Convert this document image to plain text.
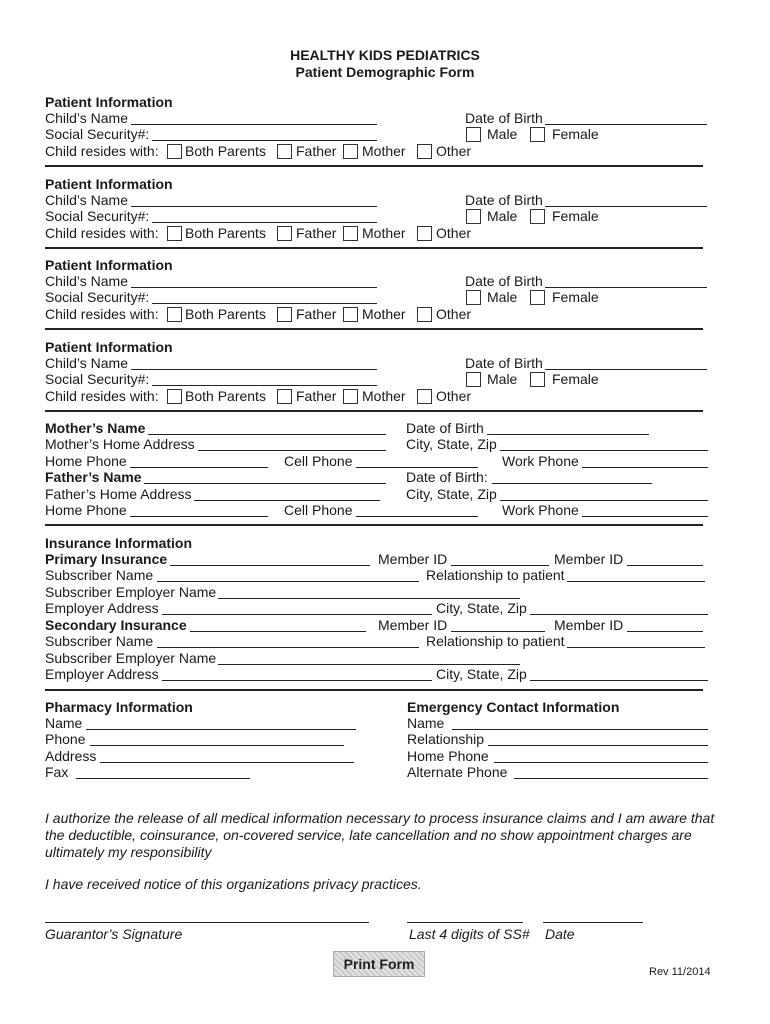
HEALTHY KIDS PEDIATRICS
Patient Demographic Form
Patient Information
Child’s Name	Date of Birth
Social Security#:	Male Female
Child resides with: Both Parents Father Mother Other
Patient Information
Child’s Name	Date of Birth
Social Security#:	Male Female
Child resides with: Both Parents Father Mother Other
Patient Information
Child’s Name	Date of Birth
Social Security#:	Male Female
Child resides with: Both Parents Father Mother Other
Patient Information
Child’s Name	Date of Birth
Social Security#:	Male Female
Child resides with: Both Parents Father Mother Other
Mother’s Name	Date of Birth
Mother’s Home Address	City, State, Zip
Home Phone	Cell Phone	Work Phone
Father’s Name	Date of Birth:
Father’s Home Address	City, State, Zip
Home Phone	Cell Phone	Work Phone
Insurance Information
Primary Insurance	Member ID	Member ID
Subscriber Name	Relationship to patient
Subscriber Employer Name
Employer Address	City, State, Zip
Secondary Insurance	Member ID	Member ID
Subscriber Name	Relationship to patient
Subscriber Employer Name
Employer Address	City, State, Zip
Pharmacy Information
Name
Phone
Address
Fax
Emergency Contact Information
Name
Relationship
Home Phone
Alternate Phone
I authorize the release of all medical information necessary to process insurance claims and I am aware that the deductible, coinsurance, on-covered service, late cancellation and no show appointment charges are ultimately my responsibility
I have received notice of this organizations privacy practices.
Guarantor’s Signature	Last 4 digits of SS# Date
Print Form	Rev 11/2014
